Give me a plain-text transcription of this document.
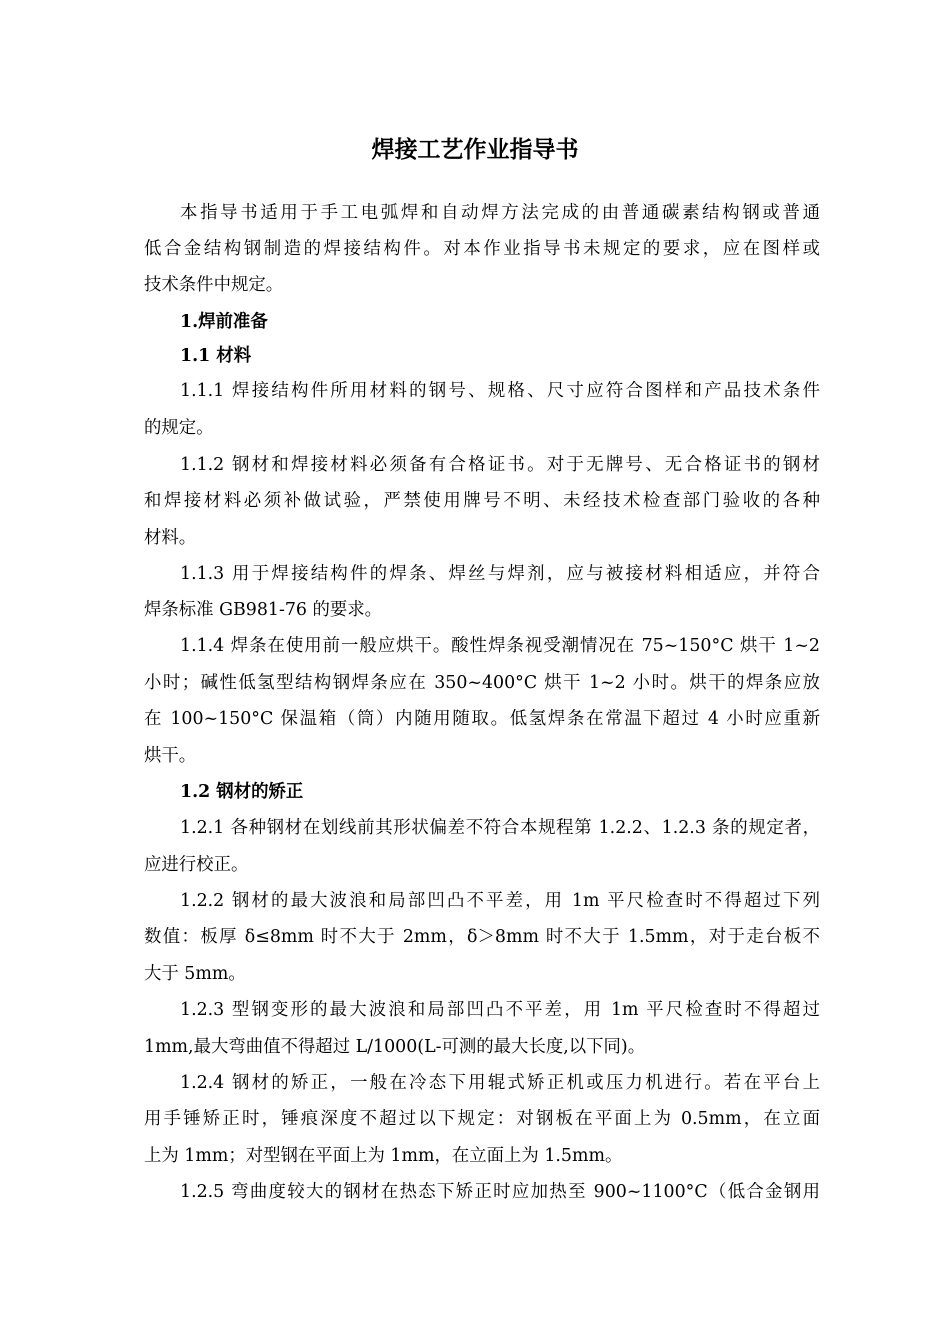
焊接工艺作业指导书
本指导书适用于手工电弧焊和自动焊方法完成的由普通碳素结构钢或普通
低合金结构钢制造的焊接结构件。对本作业指导书未规定的要求，应在图样或
技术条件中规定。
1.焊前准备
1.1 材料
1.1.1 焊接结构件所用材料的钢号、规格、尺寸应符合图样和产品技术条件
的规定。
1.1.2 钢材和焊接材料必须备有合格证书。对于无牌号、无合格证书的钢材
和焊接材料必须补做试验，严禁使用牌号不明、未经技术检查部门验收的各种
材料。
1.1.3 用于焊接结构件的焊条、焊丝与焊剂，应与被接材料相适应，并符合
焊条标准 GB981-76 的要求。
1.1.4 焊条在使用前一般应烘干。酸性焊条视受潮情况在 75~150°C 烘干 1~2
小时；碱性低氢型结构钢焊条应在 350~400°C 烘干 1~2 小时。烘干的焊条应放
在 100~150°C 保温箱（筒）内随用随取。低氢焊条在常温下超过 4 小时应重新
烘干。
1.2 钢材的矫正
1.2.1 各种钢材在划线前其形状偏差不符合本规程第 1.2.2、1.2.3 条的规定者，
应进行校正。
1.2.2 钢材的最大波浪和局部凹凸不平差，用 1m 平尺检查时不得超过下列
数值：板厚 δ≤8mm 时不大于 2mm，δ＞8mm 时不大于 1.5mm，对于走台板不
大于 5mm。
1.2.3 型钢变形的最大波浪和局部凹凸不平差，用 1m 平尺检查时不得超过
1mm,最大弯曲值不得超过 L/1000(L-可测的最大长度,以下同)。
1.2.4 钢材的矫正，一般在冷态下用辊式矫正机或压力机进行。若在平台上
用手锤矫正时，锤痕深度不超过以下规定：对钢板在平面上为 0.5mm，在立面
上为 1mm；对型钢在平面上为 1mm，在立面上为 1.5mm。
1.2.5 弯曲度较大的钢材在热态下矫正时应加热至 900~1100°C（低合金钢用
